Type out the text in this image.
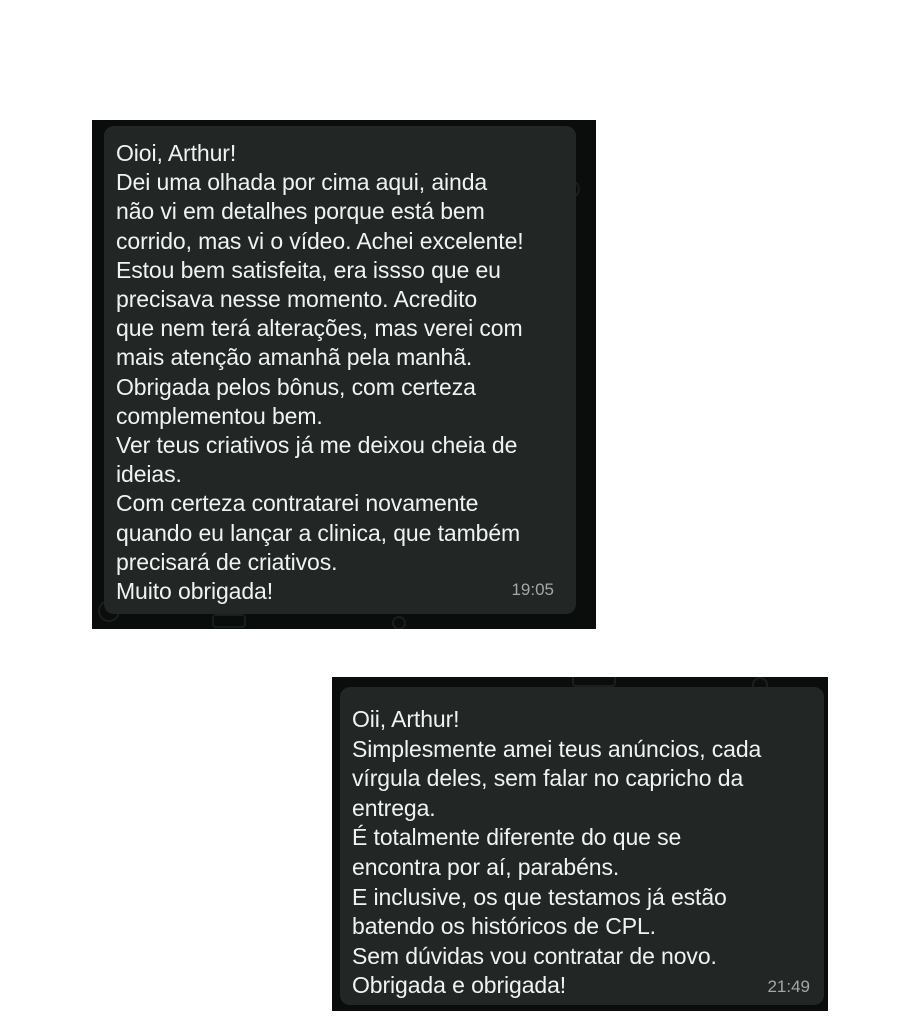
Oioi, Arthur!
Dei uma olhada por cima aqui, ainda
não vi em detalhes porque está bem
corrido, mas vi o vídeo. Achei excelente!
Estou bem satisfeita, era issso que eu
precisava nesse momento. Acredito
que nem terá alterações, mas verei com
mais atenção amanhã pela manhã.
Obrigada pelos bônus, com certeza
complementou bem.
Ver teus criativos já me deixou cheia de
ideias.
Com certeza contratarei novamente
quando eu lançar a clinica, que também
precisará de criativos.
Muito obrigada!	19:05

Oii, Arthur!
Simplesmente amei teus anúncios, cada
vírgula deles, sem falar no capricho da
entrega.
É totalmente diferente do que se
encontra por aí, parabéns.
E inclusive, os que testamos já estão
batendo os históricos de CPL.
Sem dúvidas vou contratar de novo.
Obrigada e obrigada!	21:49
